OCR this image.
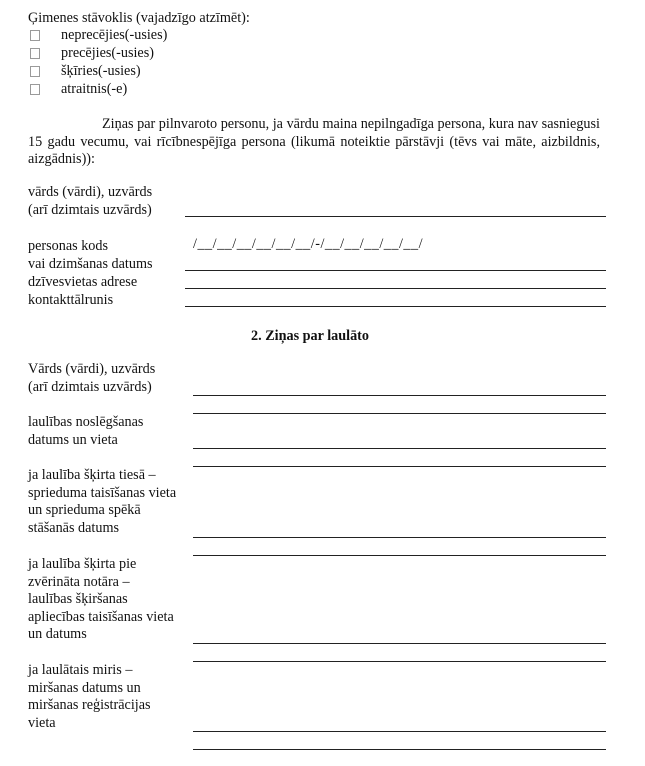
Ģimenes stāvoklis (vajadzīgo atzīmēt):
neprecējies(-usies)
precējies(-usies)
šķīries(-usies)
atraitnis(-e)
Ziņas par pilnvaroto personu, ja vārdu maina nepilngadīga persona, kura nav sasniegusi 15 gadu vecumu, vai rīcībnespējīga persona (likumā noteiktie pārstāvji (tēvs vai māte, aizbildnis, aizgādnis)):
vārds (vārdi), uzvārds
(arī dzimtais uzvārds)
personas kods	/__/__/__/__/__/__/-/__/__/__/__/__/
vai dzimšanas datums
dzīvesvietas adrese
kontakttālrunis
2. Ziņas par laulāto
Vārds (vārdi), uzvārds
(arī dzimtais uzvārds)
laulības noslēgšanas
datums un vieta
ja laulība šķirta tiesā –
sprieduma taisīšanas vieta
un sprieduma spēkā
stāšanās datums
ja laulība šķirta pie
zvērināta notāra –
laulības šķiršanas
apliecības taisīšanas vieta
un datums
ja laulātais miris –
miršanas datums un
miršanas reģistrācijas
vieta
